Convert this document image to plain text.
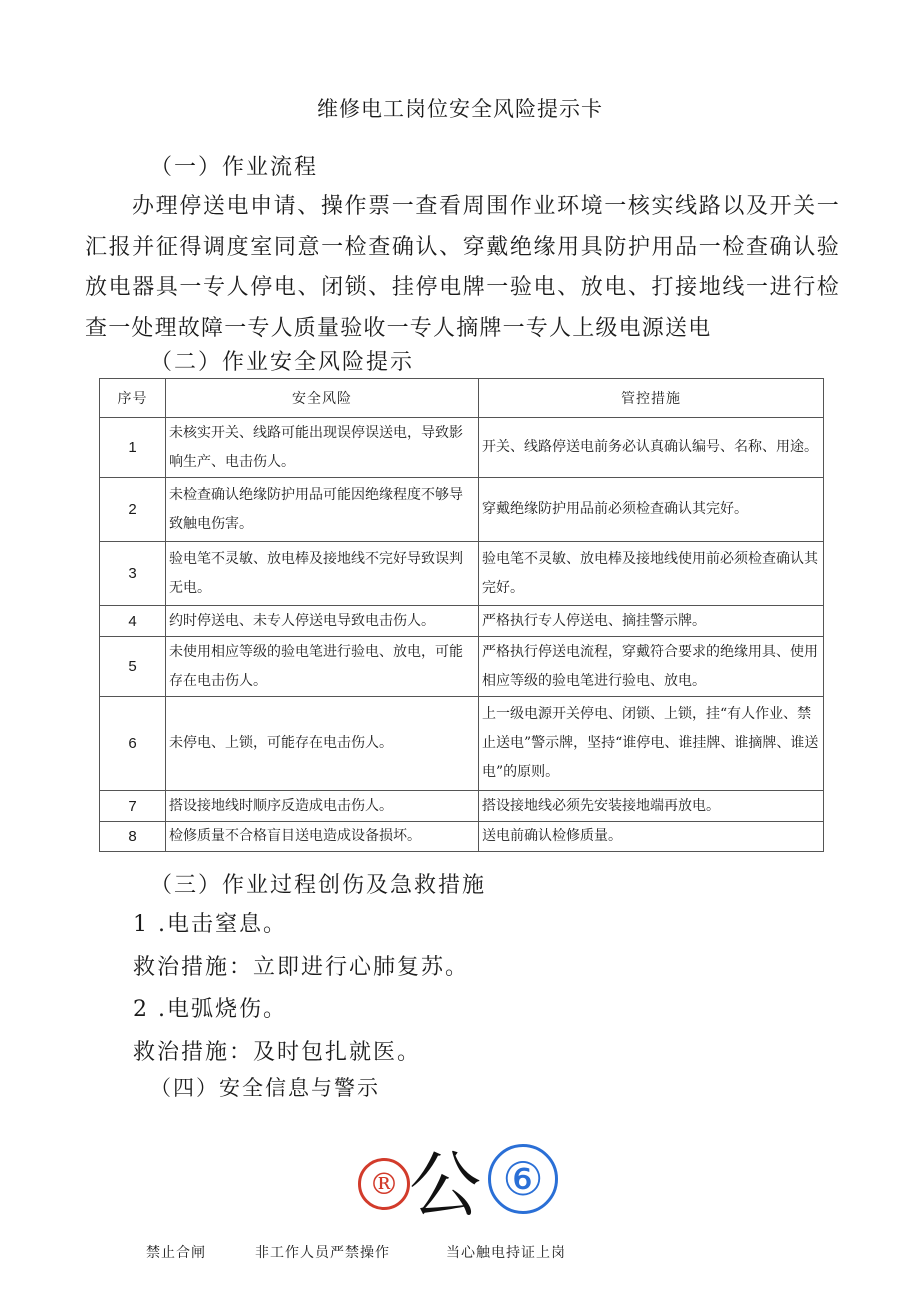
维修电工岗位安全风险提示卡
（一）作业流程
办理停送电申请、操作票一查看周围作业环境一核实线路以及开关一汇报并征得调度室同意一检查确认、穿戴绝缘用具防护用品一检查确认验放电器具一专人停电、闭锁、挂停电牌一验电、放电、打接地线一进行检查一处理故障一专人质量验收一专人摘牌一专人上级电源送电
（二）作业安全风险提示
序号	安全风险	管控措施
1	未核实开关、线路可能出现误停误送电，导致影响生产、电击伤人。	开关、线路停送电前务必认真确认编号、名称、用途。
2	未检查确认绝缘防护用品可能因绝缘程度不够导致触电伤害。	穿戴绝缘防护用品前必须检查确认其完好。
3	验电笔不灵敏、放电棒及接地线不完好导致误判无电。	验电笔不灵敏、放电棒及接地线使用前必须检查确认其完好。
4	约时停送电、未专人停送电导致电击伤人。	严格执行专人停送电、摘挂警示牌。
5	未使用相应等级的验电笔进行验电、放电，可能存在电击伤人。	严格执行停送电流程，穿戴符合要求的绝缘用具、使用相应等级的验电笔进行验电、放电。
6	未停电、上锁，可能存在电击伤人。	上一级电源开关停电、闭锁、上锁，挂“有人作业、禁止送电”警示牌，坚持“谁停电、谁挂牌、谁摘牌、谁送电”的原则。
7	搭设接地线时顺序反造成电击伤人。	搭设接地线必须先安装接地端再放电。
8	检修质量不合格盲目送电造成设备损坏。	送电前确认检修质量。
（三）作业过程创伤及急救措施
1 .电击窒息。
救治措施：立即进行心肺复苏。
2 .电弧烧伤。
救治措施：及时包扎就医。
（四）安全信息与警示
® 公 ⑥
禁止合闸	非工作人员严禁操作	当心触电持证上岗
